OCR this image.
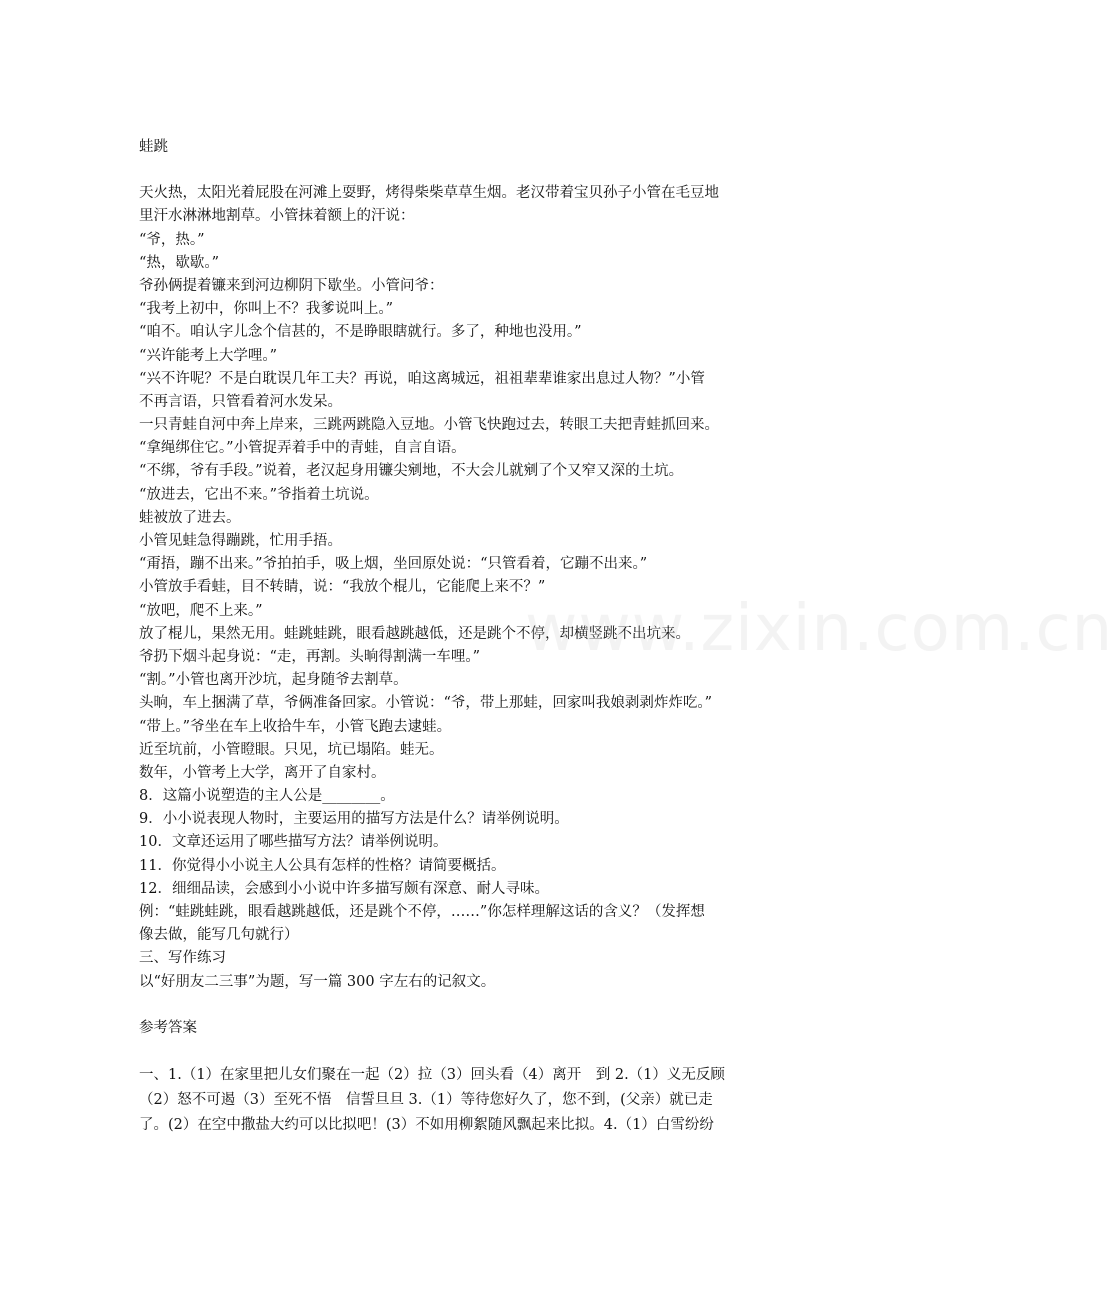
蛙跳
天火热，太阳光着屁股在河滩上耍野，烤得柴柴草草生烟。老汉带着宝贝孙子小管在毛豆地
里汗水淋淋地割草。小管抹着额上的汗说：
“爷，热。”
“热，歇歇。”
爷孙俩提着镰来到河边柳阴下歇坐。小管问爷：
“我考上初中，你叫上不？我爹说叫上。”
“咱不。咱认字儿念个信甚的，不是睁眼瞎就行。多了，种地也没用。”
“兴许能考上大学哩。”
“兴不许呢？不是白耽误几年工夫？再说，咱这离城远，祖祖辈辈谁家出息过人物？”小管
不再言语，只管看着河水发呆。
一只青蛙自河中奔上岸来，三跳两跳隐入豆地。小管飞快跑过去，转眼工夫把青蛙抓回来。
“拿绳绑住它。”小管捉弄着手中的青蛙，自言自语。
“不绑，爷有手段。”说着，老汉起身用镰尖剜地，不大会儿就剜了个又窄又深的土坑。
“放进去，它出不来。”爷指着土坑说。
蛙被放了进去。
小管见蛙急得蹦跳，忙用手捂。
“甭捂，蹦不出来。”爷拍拍手，吸上烟，坐回原处说：“只管看着，它蹦不出来。”
小管放手看蛙，目不转睛，说：“我放个棍儿，它能爬上来不？”
“放吧，爬不上来。”
放了棍儿，果然无用。蛙跳蛙跳，眼看越跳越低，还是跳个不停，却横竖跳不出坑来。
爷扔下烟斗起身说：“走，再割。头晌得割满一车哩。”
“割。”小管也离开沙坑，起身随爷去割草。
头晌，车上捆满了草，爷俩准备回家。小管说：“爷，带上那蛙，回家叫我娘剥剥炸炸吃。”
“带上。”爷坐在车上收拾牛车，小管飞跑去逮蛙。
近至坑前，小管瞪眼。只见，坑已塌陷。蛙无。
数年，小管考上大学，离开了自家村。
8．这篇小说塑造的主人公是________。
9．小小说表现人物时，主要运用的描写方法是什么？请举例说明。
10．文章还运用了哪些描写方法？请举例说明。
11．你觉得小小说主人公具有怎样的性格？请简要概括。
12．细细品读，会感到小小说中许多描写颇有深意、耐人寻味。
例：“蛙跳蛙跳，眼看越跳越低，还是跳个不停，……”你怎样理解这话的含义？（发挥想
像去做，能写几句就行）
三、写作练习
以“好朋友二三事”为题，写一篇 300 字左右的记叙文。
参考答案
一、1.（1）在家里把儿女们聚在一起（2）拉（3）回头看（4）离开　到 2.（1）义无反顾
（2）怒不可遏（3）至死不悟　信誓旦旦 3.（1）等待您好久了，您不到，(父亲）就已走
了。(2）在空中撒盐大约可以比拟吧！(3）不如用柳絮随风飘起来比拟。4.（1）白雪纷纷
www.zixin.com.cn
